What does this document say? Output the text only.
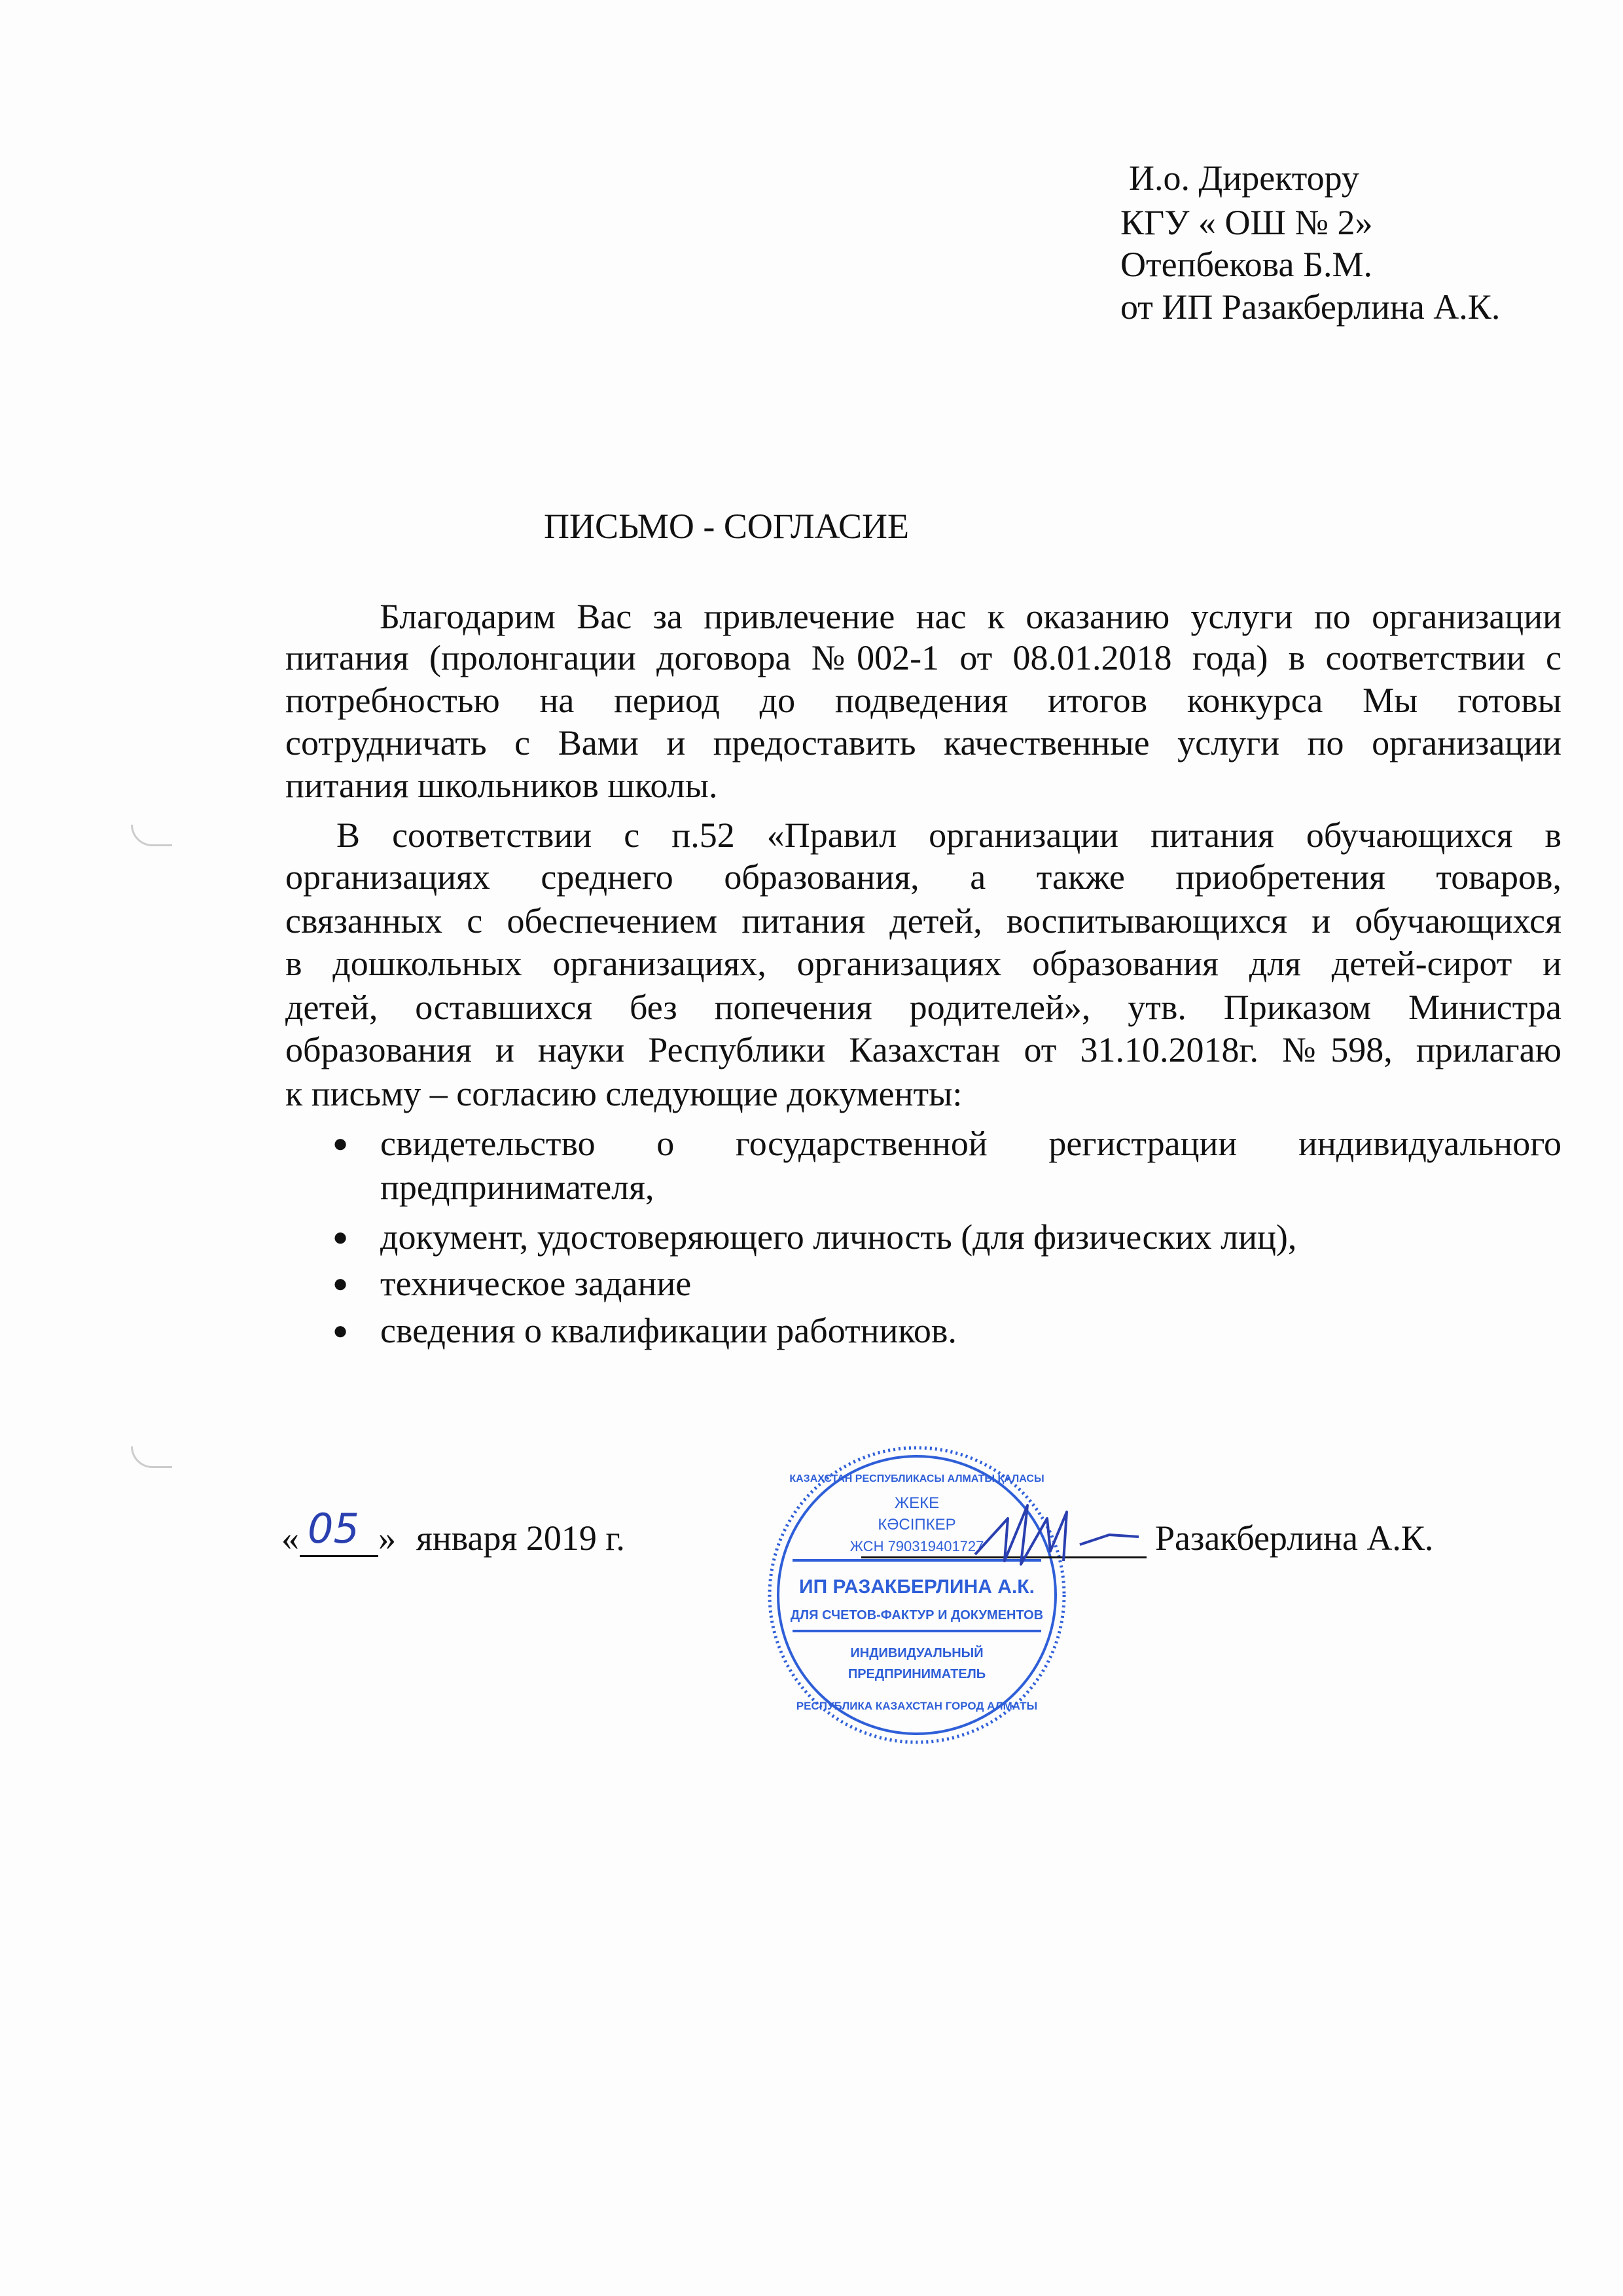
И.о. Директору
КГУ « ОШ № 2»
Отепбекова Б.М.
от ИП Разакберлина А.К.
ПИСЬМО - СОГЛАСИЕ
Благодарим Вас за привлечение нас к оказанию услуги по организации
питания (пролонгации договора №002-1 от 08.01.2018 года) в соответствии с
потребностью на период до подведения итогов конкурса Мы готовы
сотрудничать с Вами и предоставить качественные услуги по организации
питания школьников школы.
В соответствии с п.52 «Правил организации питания обучающихся в
организациях среднего образования, а также приобретения товаров,
связанных с обеспечением питания детей, воспитывающихся и обучающихся
в дошкольных организациях, организациях образования для детей-сирот и
детей, оставшихся без попечения родителей», утв. Приказом Министра
образования и науки Республики Казахстан от 31.10.2018г. №598, прилагаю
к письму – согласию следующие документы:
● свидетельство о государственной регистрации индивидуального
предпринимателя,
● документ, удостоверяющего личность (для физических лиц),
● техническое задание
● сведения о квалификации работников.
« 05 » января 2019 г.
КАЗАХСТАН РЕСПУБЛИКАСЫ АЛМАТЫ ҚАЛАСЫ
ЖЕКЕ
КӘСІПКЕР
ЖСН 790319401727
ИП РАЗАКБЕРЛИНА А.К.
ДЛЯ СЧЕТОВ-ФАКТУР И ДОКУМЕНТОВ
ИНДИВИДУАЛЬНЫЙ
ПРЕДПРИНИМАТЕЛЬ
РЕСПУБЛИКА КАЗАХСТАН ГОРОД АЛМАТЫ
Разакберлина А.К.
